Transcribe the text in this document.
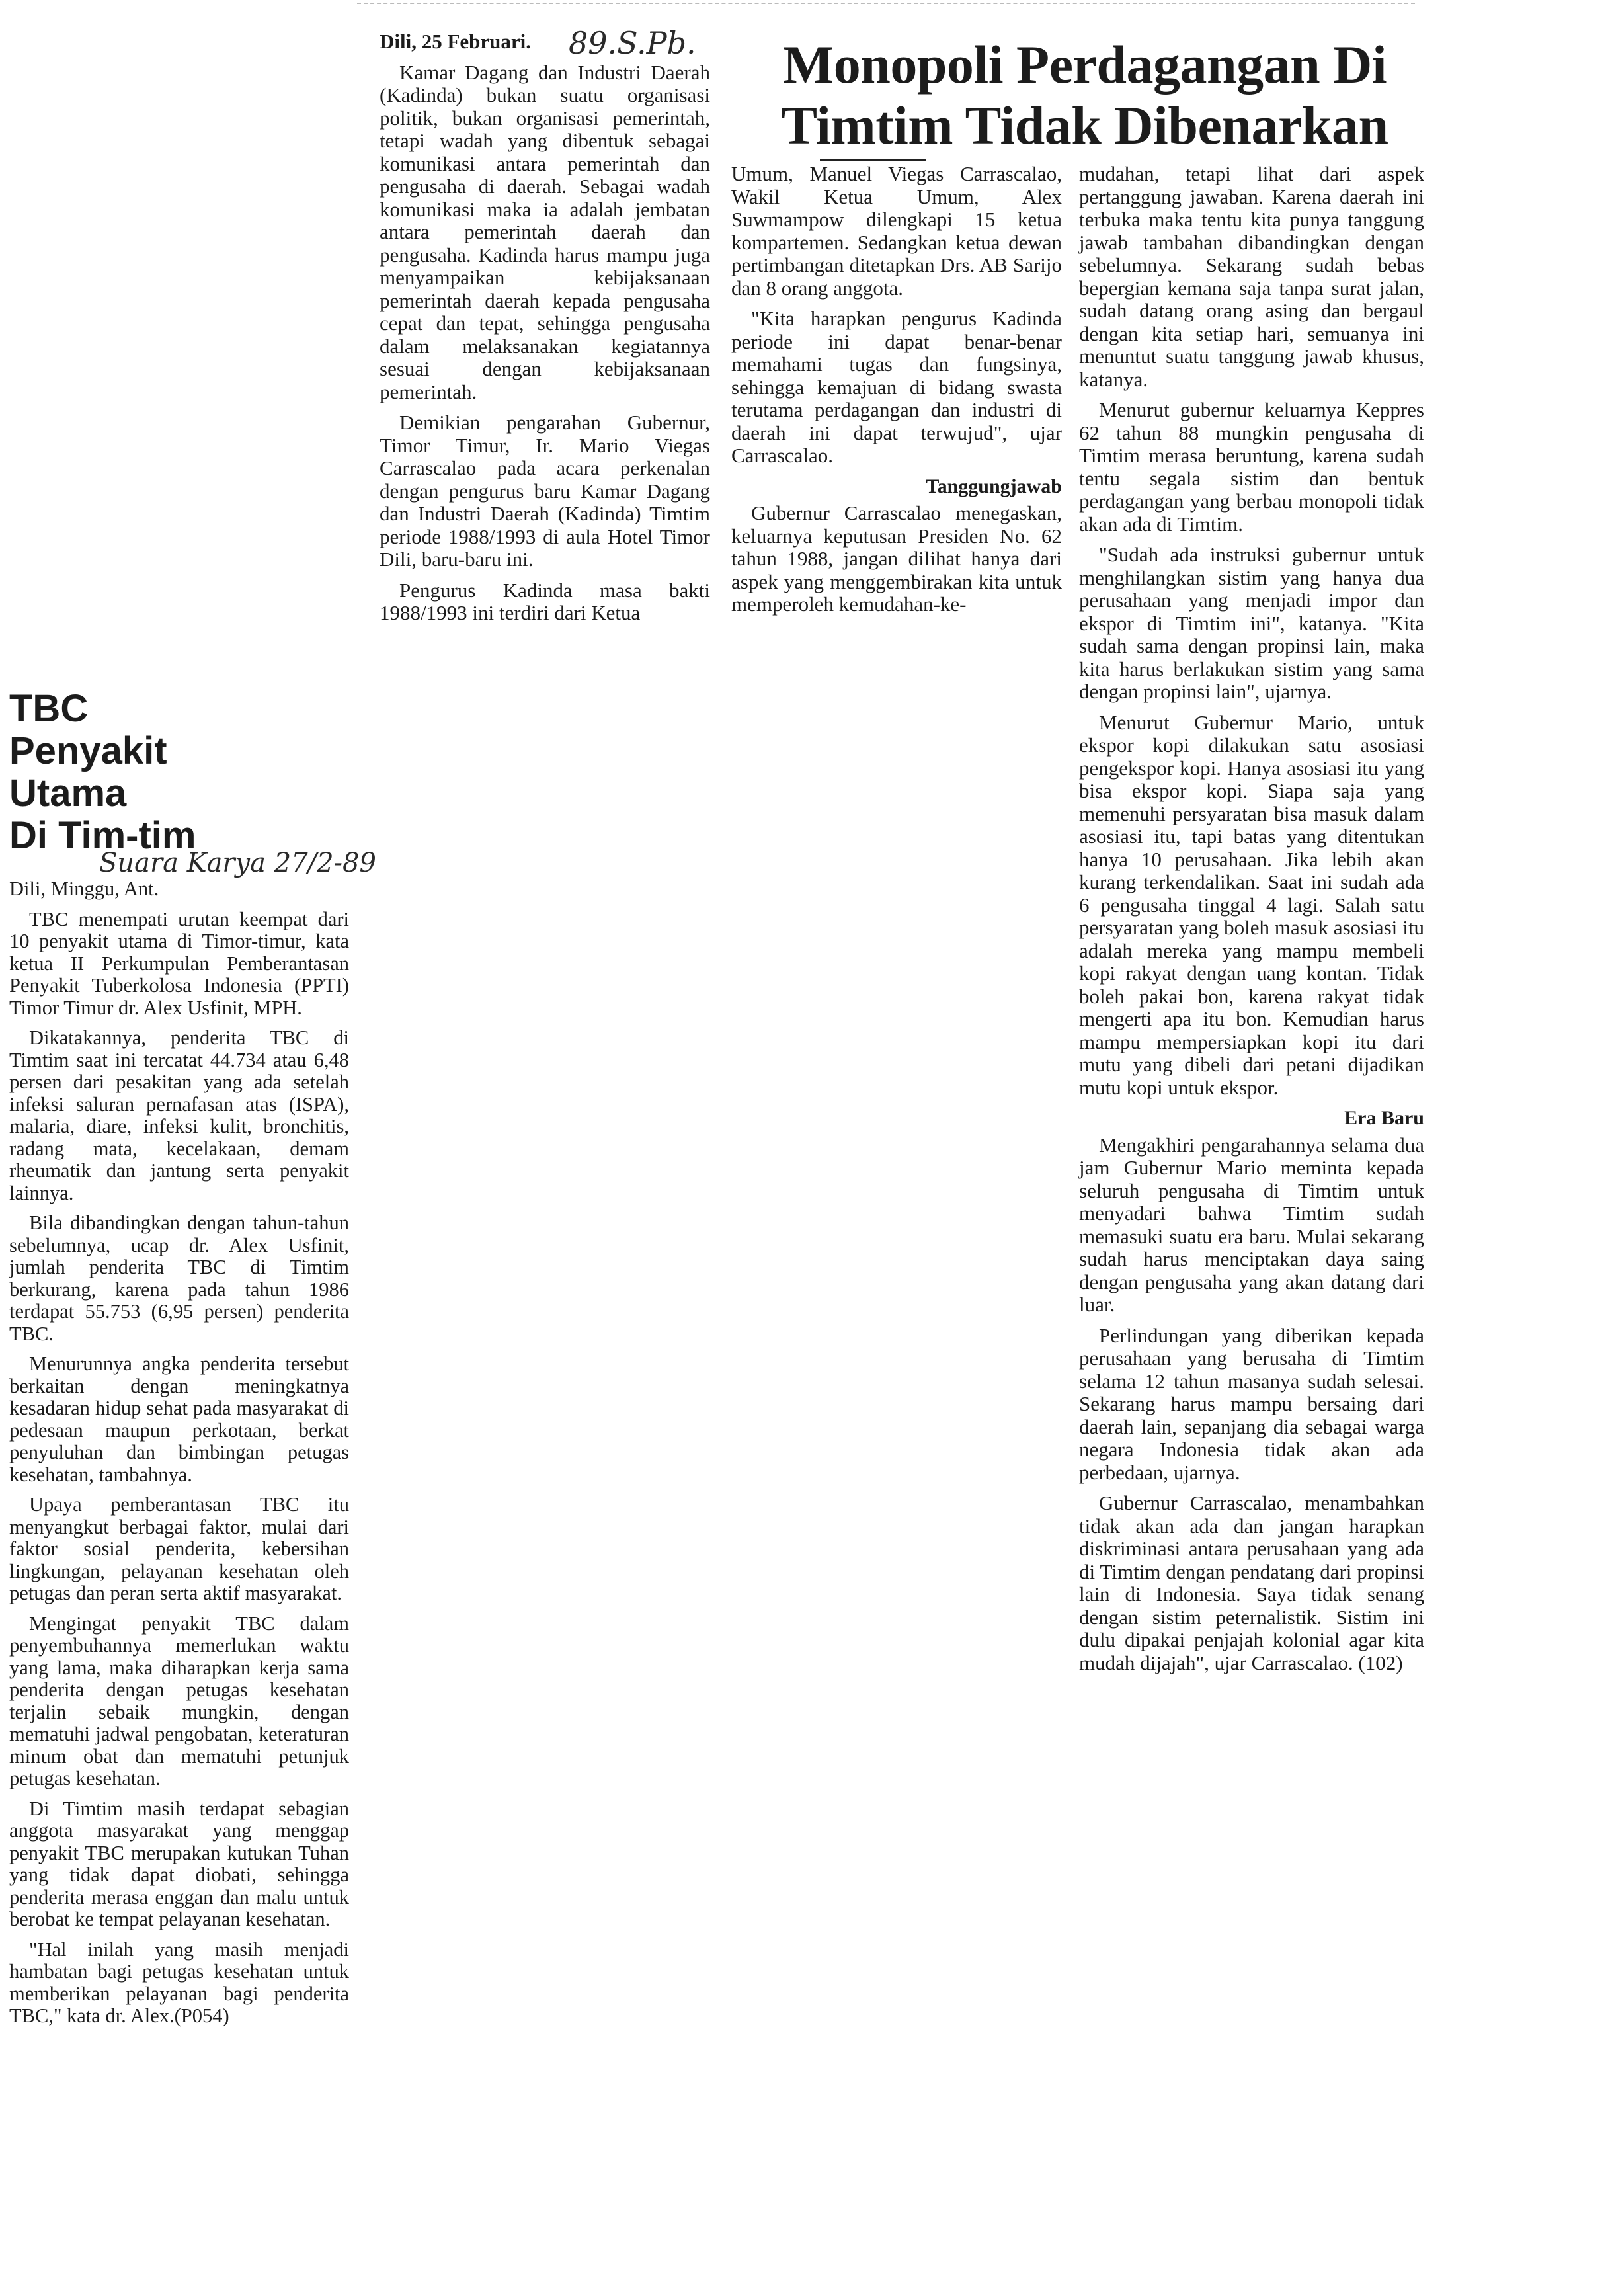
Dili, 25 Februari.

Kamar Dagang dan Industri Daerah (Kadinda) bukan suatu organisasi politik, bukan organisasi pemerintah, tetapi wadah yang dibentuk sebagai komunikasi antara pemerintah dan pengusaha di daerah. Sebagai wadah komunikasi maka ia adalah jembatan antara pemerintah daerah dan pengusaha. Kadinda harus mampu juga menyampaikan kebijaksanaan pemerintah daerah kepada pengusaha cepat dan tepat, sehingga pengusaha dalam melaksanakan kegiatannya sesuai dengan kebijaksanaan pemerintah.

Demikian pengarahan Gubernur, Timor Timur, Ir. Mario Viegas Carrascalao pada acara perkenalan dengan pengurus baru Kamar Dagang dan Industri Daerah (Kadinda) Timtim periode 1988/1993 di aula Hotel Timor Dili, baru-baru ini.

Pengurus Kadinda masa bakti 1988/1993 ini terdiri dari Ketua

89.S.Pb.	Monopoli Perdagangan Di Timtim Tidak Dibenarkan

Umum, Manuel Viegas Carrascalao, Wakil Ketua Umum, Alex Suwmampow dilengkapi 15 ketua kompartemen. Sedangkan ketua dewan pertimbangan ditetapkan Drs. AB Sarijo dan 8 orang anggota.

"Kita harapkan pengurus Kadinda periode ini dapat benar-benar memahami tugas dan fungsinya, sehingga kemajuan di bidang swasta terutama perdagangan dan industri di daerah ini dapat terwujud", ujar Carrascalao.

Tanggungjawab

Gubernur Carrascalao menegaskan, keluarnya keputusan Presiden No. 62 tahun 1988, jangan dilihat hanya dari aspek yang menggembirakan kita untuk memperoleh kemudahan-ke-

mudahan, tetapi lihat dari aspek pertanggung jawaban. Karena daerah ini terbuka maka tentu kita punya tanggung jawab tambahan dibandingkan dengan sebelumnya. Sekarang sudah bebas bepergian kemana saja tanpa surat jalan, sudah datang orang asing dan bergaul dengan kita setiap hari, semuanya ini menuntut suatu tanggung jawab khusus, katanya.

Menurut gubernur keluarnya Keppres 62 tahun 88 mungkin pengusaha di Timtim merasa beruntung, karena sudah tentu segala sistim dan bentuk perdagangan yang berbau monopoli tidak akan ada di Timtim.

"Sudah ada instruksi gubernur untuk menghilangkan sistim yang hanya dua perusahaan yang menjadi impor dan ekspor di Timtim ini", katanya. "Kita sudah sama dengan propinsi lain, maka kita harus berlakukan sistim yang sama dengan propinsi lain", ujarnya.

Menurut Gubernur Mario, untuk ekspor kopi dilakukan satu asosiasi pengekspor kopi. Hanya asosiasi itu yang bisa ekspor kopi. Siapa saja yang memenuhi persyaratan bisa masuk dalam asosiasi itu, tapi batas yang ditentukan hanya 10 perusahaan. Jika lebih akan kurang terkendalikan. Saat ini sudah ada 6 pengusaha tinggal 4 lagi. Salah satu persyaratan yang boleh masuk asosiasi itu adalah mereka yang mampu membeli kopi rakyat dengan uang kontan. Tidak boleh pakai bon, karena rakyat tidak mengerti apa itu bon. Kemudian harus mampu mempersiapkan kopi itu dari mutu yang dibeli dari petani dijadikan mutu kopi untuk ekspor.

Era Baru

Mengakhiri pengarahannya selama dua jam Gubernur Mario meminta kepada seluruh pengusaha di Timtim untuk menyadari bahwa Timtim sudah memasuki suatu era baru. Mulai sekarang sudah harus menciptakan daya saing dengan pengusaha yang akan datang dari luar.

Perlindungan yang diberikan kepada perusahaan yang berusaha di Timtim selama 12 tahun masanya sudah selesai. Sekarang harus mampu bersaing dari daerah lain, sepanjang dia sebagai warga negara Indonesia tidak akan ada perbedaan, ujarnya.

Gubernur Carrascalao, menambahkan tidak akan ada dan jangan harapkan diskriminasi antara perusahaan yang ada di Timtim dengan pendatang dari propinsi lain di Indonesia. Saya tidak senang dengan sistim peternalistik. Sistim ini dulu dipakai penjajah kolonial agar kita mudah dijajah", ujar Carrascalao. (102)

TBC
Penyakit
Utama
Di Tim-tim
Suara Karya 27/2-89

Dili, Minggu, Ant.

TBC menempati urutan keempat dari 10 penyakit utama di Timor-timur, kata ketua II Perkumpulan Pemberantasan Penyakit Tuberkolosa Indonesia (PPTI) Timor Timur dr. Alex Usfinit, MPH.

Dikatakannya, penderita TBC di Timtim saat ini tercatat 44.734 atau 6,48 persen dari pesakitan yang ada setelah infeksi saluran pernafasan atas (ISPA), malaria, diare, infeksi kulit, bronchitis, radang mata, kecelakaan, demam rheumatik dan jantung serta penyakit lainnya.

Bila dibandingkan dengan tahun-tahun sebelumnya, ucap dr. Alex Usfinit, jumlah penderita TBC di Timtim berkurang, karena pada tahun 1986 terdapat 55.753 (6,95 persen) penderita TBC.

Menurunnya angka penderita tersebut berkaitan dengan meningkatnya kesadaran hidup sehat pada masyarakat di pedesaan maupun perkotaan, berkat penyuluhan dan bimbingan petugas kesehatan, tambahnya.

Upaya pemberantasan TBC itu menyangkut berbagai faktor, mulai dari faktor sosial penderita, kebersihan lingkungan, pelayanan kesehatan oleh petugas dan peran serta aktif masyarakat.

Mengingat penyakit TBC dalam penyembuhannya memerlukan waktu yang lama, maka diharapkan kerja sama penderita dengan petugas kesehatan terjalin sebaik mungkin, dengan mematuhi jadwal pengobatan, keteraturan minum obat dan mematuhi petunjuk petugas kesehatan.

Di Timtim masih terdapat sebagian anggota masyarakat yang menggap penyakit TBC merupakan kutukan Tuhan yang tidak dapat diobati, sehingga penderita merasa enggan dan malu untuk berobat ke tempat pelayanan kesehatan.

"Hal inilah yang masih menjadi hambatan bagi petugas kesehatan untuk memberikan pelayanan bagi penderita TBC," kata dr. Alex.(P054)
